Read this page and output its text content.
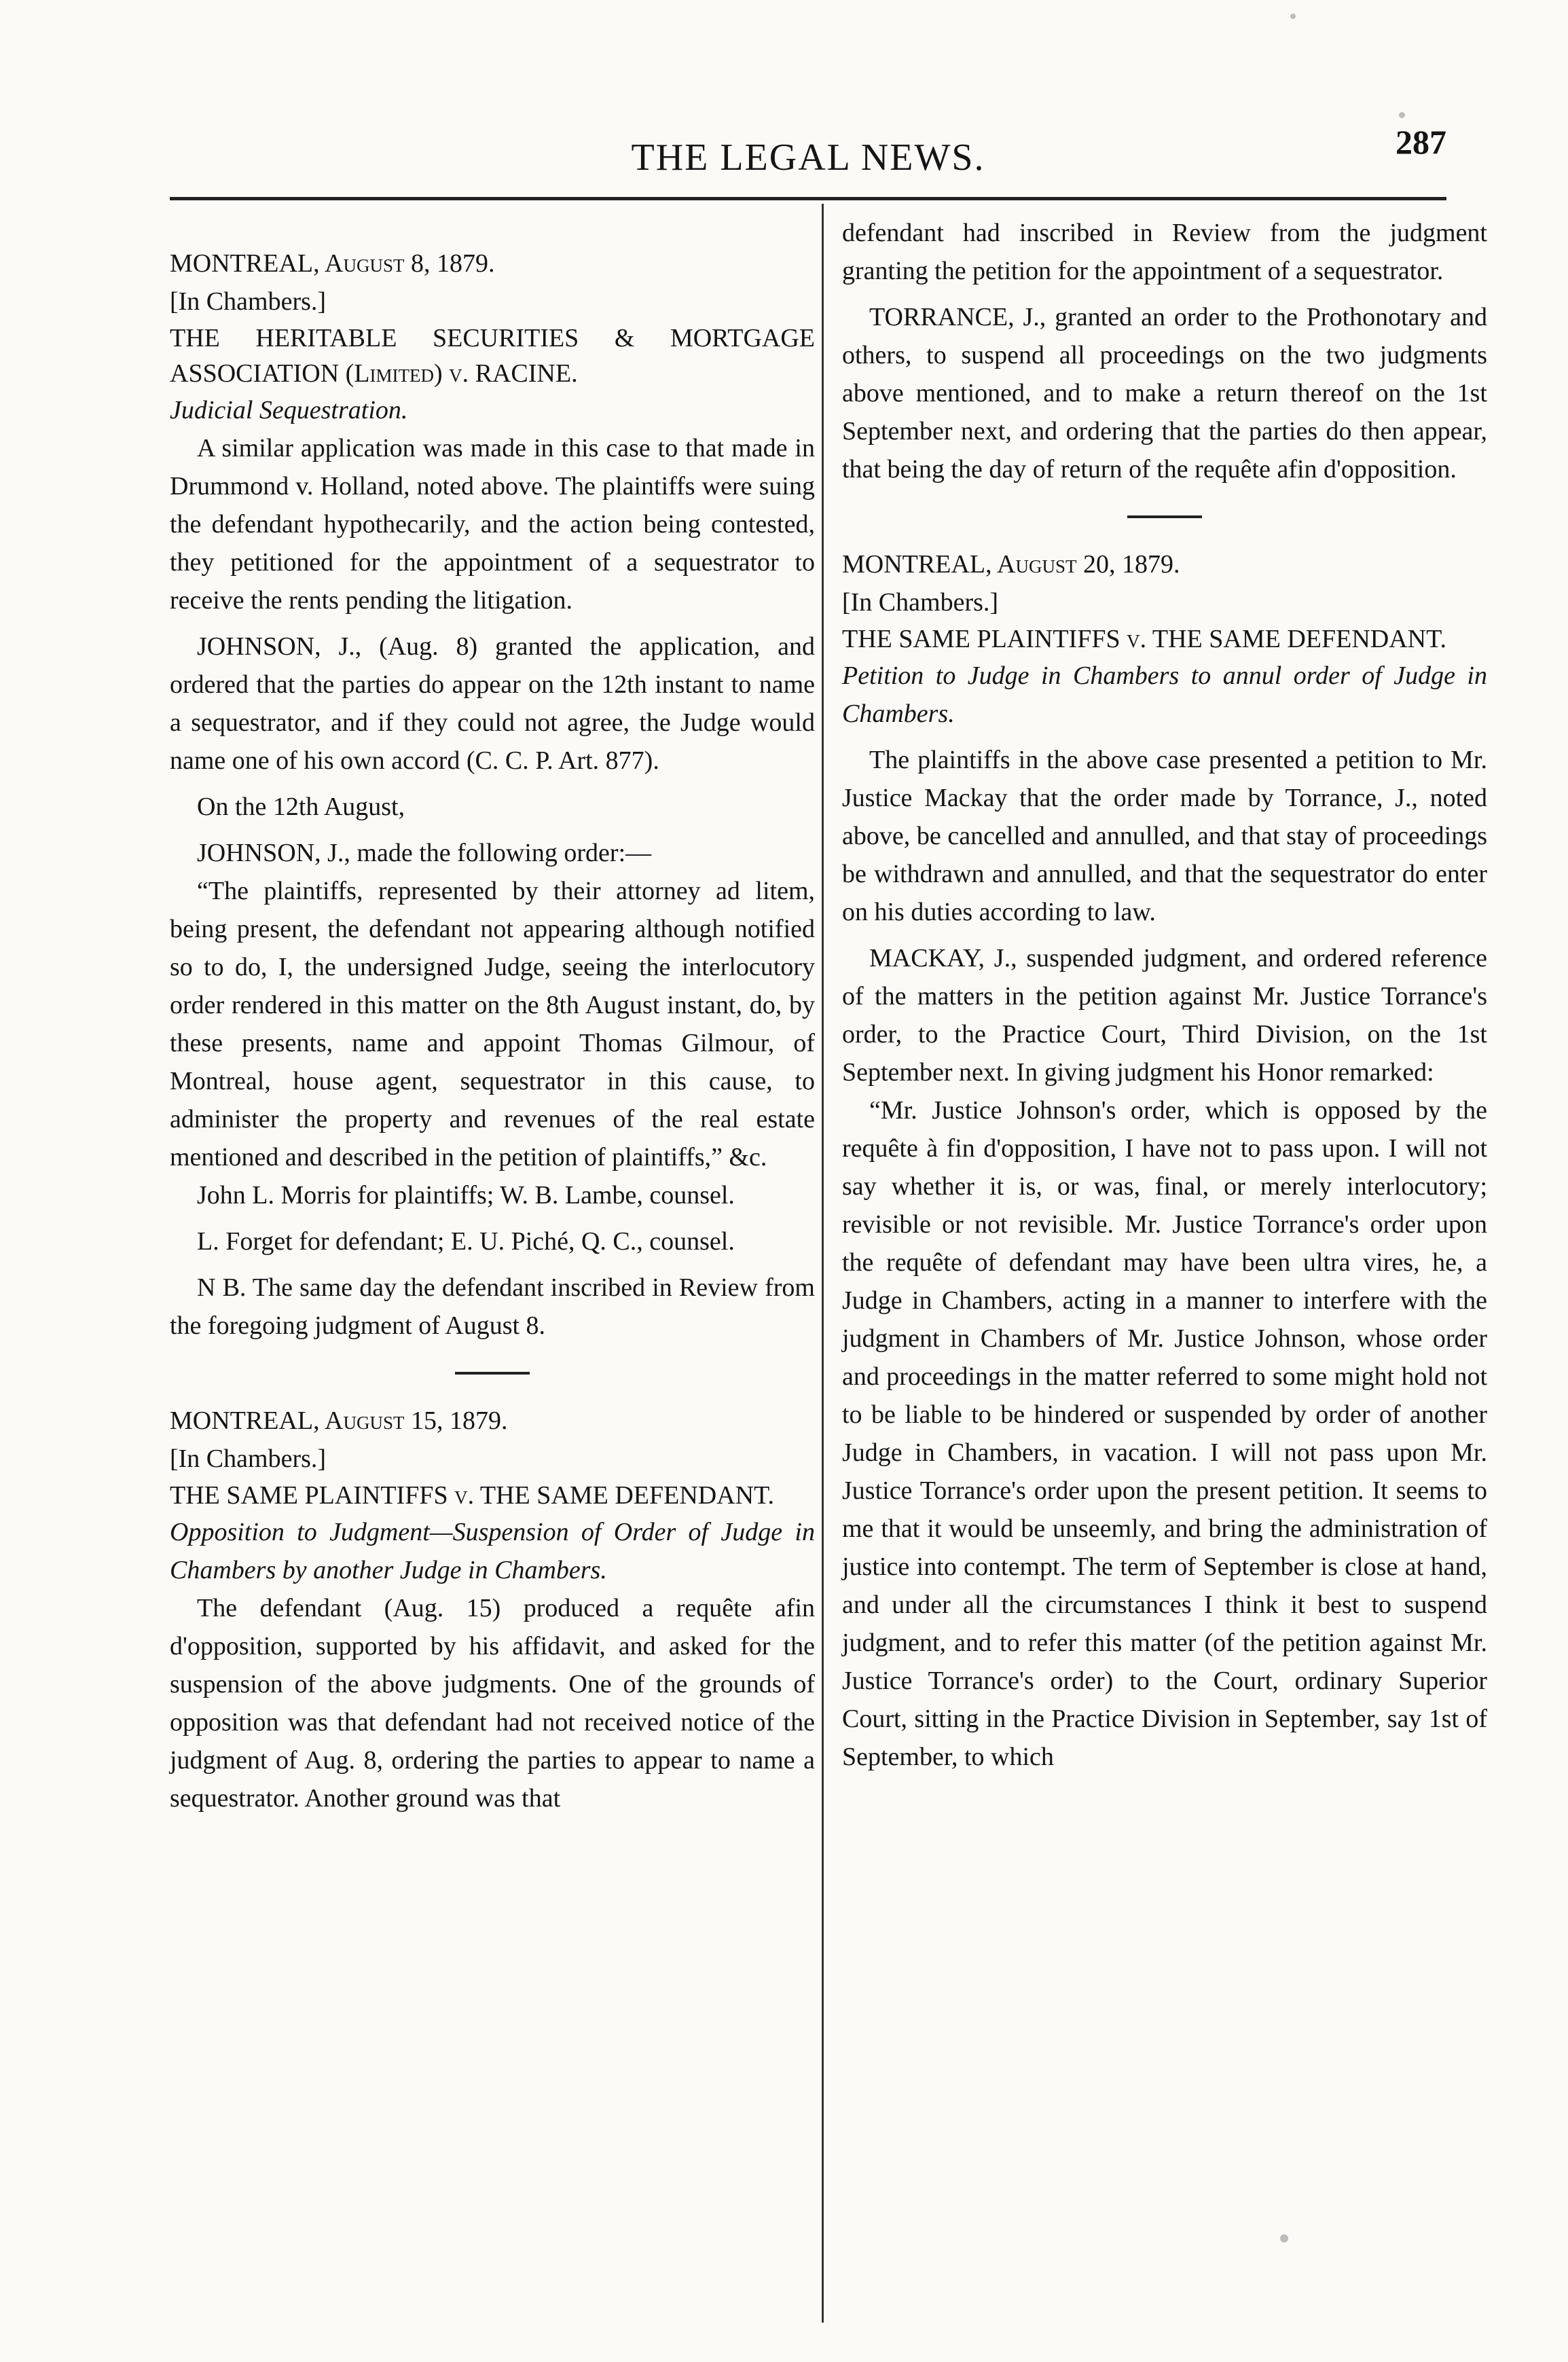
THE LEGAL NEWS.	287

MONTREAL, August 8, 1879.

[In Chambers.]

THE HERITABLE SECURITIES & MORTGAGE ASSOCIATION (Limited) v. RACINE.

Judicial Sequestration.

A similar application was made in this case to that made in Drummond v. Holland, noted above. The plaintiffs were suing the defendant hypothecarily, and the action being contested, they petitioned for the appointment of a sequestrator to receive the rents pending the litigation.

JOHNSON, J., (Aug. 8) granted the application, and ordered that the parties do appear on the 12th instant to name a sequestrator, and if they could not agree, the Judge would name one of his own accord (C. C. P. Art. 877).

On the 12th August,

JOHNSON, J., made the following order:—

“The plaintiffs, represented by their attorney ad litem, being present, the defendant not appearing although notified so to do, I, the undersigned Judge, seeing the interlocutory order rendered in this matter on the 8th August instant, do, by these presents, name and appoint Thomas Gilmour, of Montreal, house agent, sequestrator in this cause, to administer the property and revenues of the real estate mentioned and described in the petition of plaintiffs,” &c.

John L. Morris for plaintiffs; W. B. Lambe, counsel.

L. Forget for defendant; E. U. Piché, Q. C., counsel.

N B. The same day the defendant inscribed in Review from the foregoing judgment of August 8.

MONTREAL, August 15, 1879.

[In Chambers.]

THE SAME PLAINTIFFS v. THE SAME DEFENDANT.

Opposition to Judgment—Suspension of Order of Judge in Chambers by another Judge in Chambers.

The defendant (Aug. 15) produced a requête afin d'opposition, supported by his affidavit, and asked for the suspension of the above judgments. One of the grounds of opposition was that defendant had not received notice of the judgment of Aug. 8, ordering the parties to appear to name a sequestrator. Another ground was that

defendant had inscribed in Review from the judgment granting the petition for the appointment of a sequestrator.

TORRANCE, J., granted an order to the Prothonotary and others, to suspend all proceedings on the two judgments above mentioned, and to make a return thereof on the 1st September next, and ordering that the parties do then appear, that being the day of return of the requête afin d'opposition.

MONTREAL, August 20, 1879.

[In Chambers.]

THE SAME PLAINTIFFS v. THE SAME DEFENDANT.

Petition to Judge in Chambers to annul order of Judge in Chambers.

The plaintiffs in the above case presented a petition to Mr. Justice Mackay that the order made by Torrance, J., noted above, be cancelled and annulled, and that stay of proceedings be withdrawn and annulled, and that the sequestrator do enter on his duties according to law.

MACKAY, J., suspended judgment, and ordered reference of the matters in the petition against Mr. Justice Torrance's order, to the Practice Court, Third Division, on the 1st September next. In giving judgment his Honor remarked:

“Mr. Justice Johnson's order, which is opposed by the requête à fin d'opposition, I have not to pass upon. I will not say whether it is, or was, final, or merely interlocutory; revisible or not revisible. Mr. Justice Torrance's order upon the requête of defendant may have been ultra vires, he, a Judge in Chambers, acting in a manner to interfere with the judgment in Chambers of Mr. Justice Johnson, whose order and proceedings in the matter referred to some might hold not to be liable to be hindered or suspended by order of another Judge in Chambers, in vacation. I will not pass upon Mr. Justice Torrance's order upon the present petition. It seems to me that it would be unseemly, and bring the administration of justice into contempt. The term of September is close at hand, and under all the circumstances I think it best to suspend judgment, and to refer this matter (of the petition against Mr. Justice Torrance's order) to the Court, ordinary Superior Court, sitting in the Practice Division in September, say 1st of September, to which
